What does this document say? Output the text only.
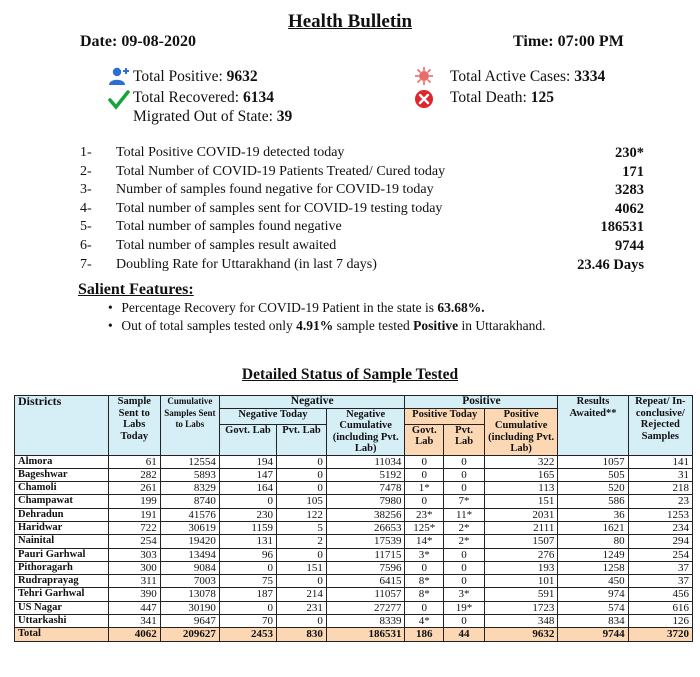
Health Bulletin
Date: 09-08-2020	Time: 07:00 PM
Total Positive: 9632
Total Recovered: 6134
Migrated Out of State: 39
Total Active Cases: 3334
Total Death: 125
1- Total Positive COVID-19 detected today	230*
2- Total Number of COVID-19 Patients Treated/ Cured today	171
3- Number of samples found negative for COVID-19 today	3283
4- Total number of samples sent for COVID-19 testing today	4062
5- Total number of samples found negative	186531
6- Total number of samples result awaited	9744
7- Doubling Rate for Uttarakhand (in last 7 days)	23.46 Days
Salient Features:
• Percentage Recovery for COVID-19 Patient in the state is 63.68%.
• Out of total samples tested only 4.91% sample tested Positive in Uttarakhand.
Detailed Status of Sample Tested
Districts	Sample Sent to Labs Today	Cumulative Samples Sent to Labs	Negative			Positive			Results Awaited**	Repeat/ In-conclusive/ Rejected Samples
			Negative Today		Negative Cumulative (including Pvt. Lab)	Positive Today		Positive Cumulative (including Pvt. Lab)		
			Govt. Lab	Pvt. Lab		Govt. Lab	Pvt. Lab			
Almora	61	12554	194	0	11034	0	0	322	1057	141
Bageshwar	282	5893	147	0	5192	0	0	165	505	31
Chamoli	261	8329	164	0	7478	1*	0	113	520	218
Champawat	199	8740	0	105	7980	0	7*	151	586	23
Dehradun	191	41576	230	122	38256	23*	11*	2031	36	1253
Haridwar	722	30619	1159	5	26653	125*	2*	2111	1621	234
Nainital	254	19420	131	2	17539	14*	2*	1507	80	294
Pauri Garhwal	303	13494	96	0	11715	3*	0	276	1249	254
Pithoragarh	300	9084	0	151	7596	0	0	193	1258	37
Rudraprayag	311	7003	75	0	6415	8*	0	101	450	37
Tehri Garhwal	390	13078	187	214	11057	8*	3*	591	974	456
US Nagar	447	30190	0	231	27277	0	19*	1723	574	616
Uttarkashi	341	9647	70	0	8339	4*	0	348	834	126
Total	4062	209627	2453	830	186531	186	44	9632	9744	3720
